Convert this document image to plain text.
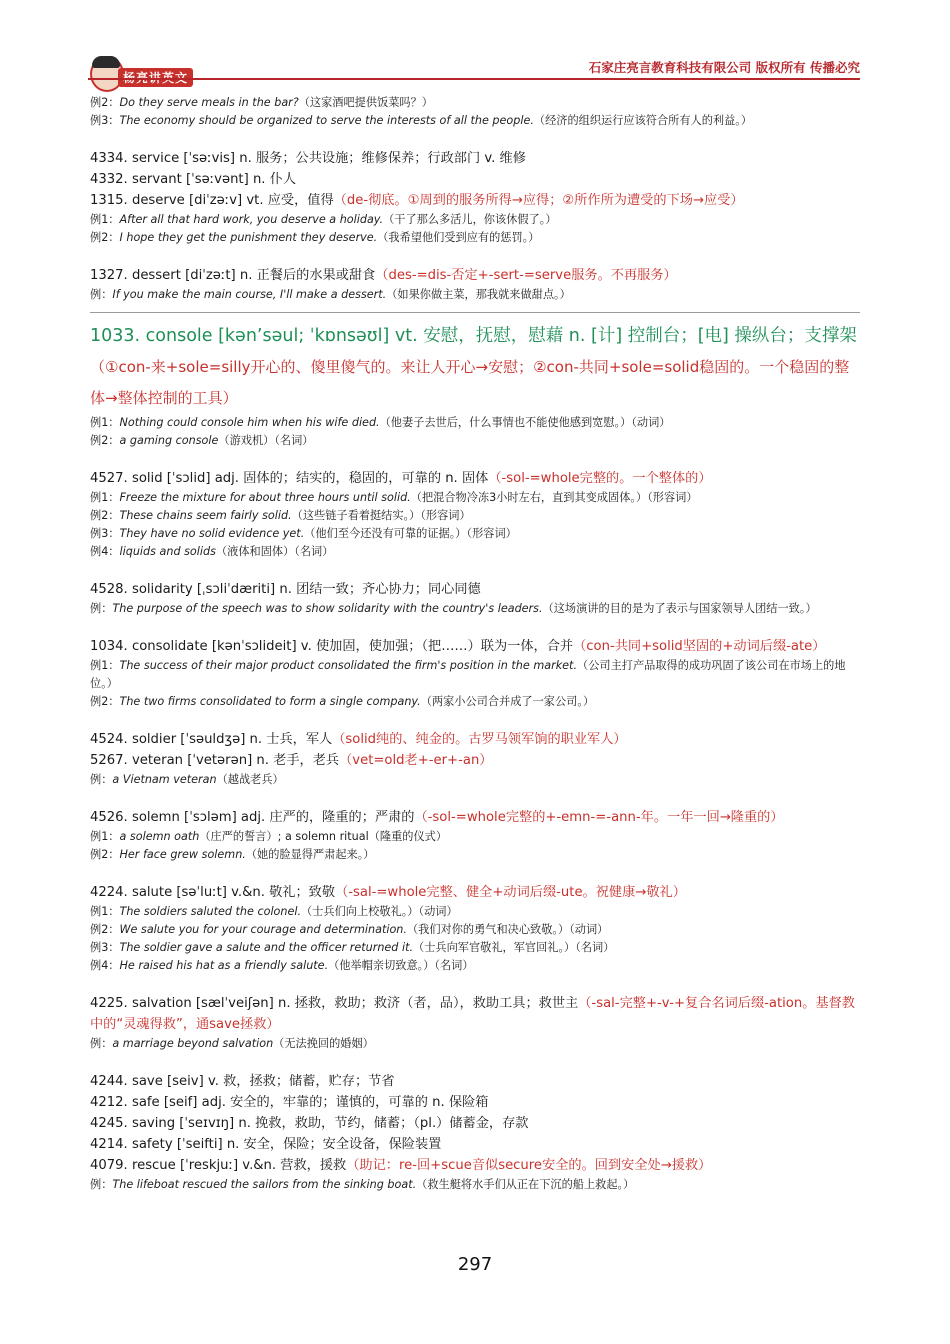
石家庄亮言教育科技有限公司 版权所有 传播必究

例2：Do they serve meals in the bar?（这家酒吧提供饭菜吗？）

例3：The economy should be organized to serve the interests of all the people.（经济的组织运行应该符合所有人的利益。）

4334. service [ˈsəːvis] n. 服务；公共设施；维修保养；行政部门 v. 维修

4332. servant [ˈsəːvənt] n. 仆人

1315. deserve [diˈzəːv] vt. 应受，值得（de-彻底。①周到的服务所得→应得；②所作所为遭受的下场→应受）

例1：After all that hard work, you deserve a holiday.（干了那么多活儿，你该休假了。）

例2：I hope they get the punishment they deserve.（我希望他们受到应有的惩罚。）

1327. dessert [diˈzəːt] n. 正餐后的水果或甜食（des-=dis-否定+-sert-=serve服务。不再服务）

例：If you make the main course, I'll make a dessert.（如果你做主菜，那我就来做甜点。）

1033. console [kən’səul; ˈkɒnsəʊl] vt. 安慰，抚慰，慰藉 n. [计] 控制台；[电] 操纵台；支撑架（①con-来+sole=silly开心的、傻里傻气的。来让人开心→安慰；②con-共同+sole=solid稳固的。一个稳固的整体→整体控制的工具）

例1：Nothing could console him when his wife died.（他妻子去世后，什么事情也不能使他感到宽慰。）（动词）

例2：a gaming console（游戏机）（名词）

4527. solid [ˈsɔlid] adj. 固体的；结实的，稳固的，可靠的 n. 固体（-sol-=whole完整的。一个整体的）

例1：Freeze the mixture for about three hours until solid.（把混合物冷冻3小时左右，直到其变成固体。）（形容词）

例2：These chains seem fairly solid.（这些链子看着挺结实。）（形容词）

例3：They have no solid evidence yet.（他们至今还没有可靠的证据。）（形容词）

例4：liquids and solids（液体和固体）（名词）

4528. solidarity [ˌsɔliˈdæriti] n. 团结一致；齐心协力；同心同德

例：The purpose of the speech was to show solidarity with the country's leaders.（这场演讲的目的是为了表示与国家领导人团结一致。）

1034. consolidate [kənˈsɔlideit] v. 使加固，使加强；（把……）联为一体，合并（con-共同+solid坚固的+动词后缀-ate）

例1：The success of their major product consolidated the firm's position in the market.（公司主打产品取得的成功巩固了该公司在市场上的地位。）

例2：The two firms consolidated to form a single company.（两家小公司合并成了一家公司。）

4524. soldier [ˈsəuldʒə] n. 士兵，军人（solid纯的、纯金的。古罗马领军饷的职业军人）

5267. veteran [ˈvetərən] n. 老手，老兵（vet=old老+-er+-an）

例：a Vietnam veteran（越战老兵）

4526. solemn [ˈsɔləm] adj. 庄严的，隆重的；严肃的（-sol-=whole完整的+-emn-=-ann-年。一年一回→隆重的）

例1：a solemn oath（庄严的誓言）; a solemn ritual（隆重的仪式）

例2：Her face grew solemn.（她的脸显得严肃起来。）

4224. salute [səˈluːt] v.&n. 敬礼；致敬（-sal-=whole完整、健全+动词后缀-ute。祝健康→敬礼）

例1：The soldiers saluted the colonel.（士兵们向上校敬礼。）（动词）

例2：We salute you for your courage and determination.（我们对你的勇气和决心致敬。）（动词）

例3：The soldier gave a salute and the officer returned it.（士兵向军官敬礼，军官回礼。）（名词）

例4：He raised his hat as a friendly salute.（他举帽亲切致意。）（名词）

4225. salvation [sælˈveiʃən] n. 拯救，救助；救济（者，品），救助工具；救世主（-sal-完整+-v-+复合名词后缀-ation。基督教中的“灵魂得救”，通save拯救）

例：a marriage beyond salvation（无法挽回的婚姻）

4244. save [seiv] v. 救，拯救；储蓄，贮存；节省

4212. safe [seif] adj. 安全的，牢靠的；谨慎的，可靠的 n. 保险箱

4245. saving [ˈseɪvɪŋ] n. 挽救，救助，节约，储蓄；（pl.）储蓄金，存款

4214. safety [ˈseifti] n. 安全，保险；安全设备，保险装置

4079. rescue [ˈreskjuː] v.&n. 营救，援救（助记：re-回+scue音似secure安全的。回到安全处→援救）

例：The lifeboat rescued the sailors from the sinking boat.（救生艇将水手们从正在下沉的船上救起。）

297
